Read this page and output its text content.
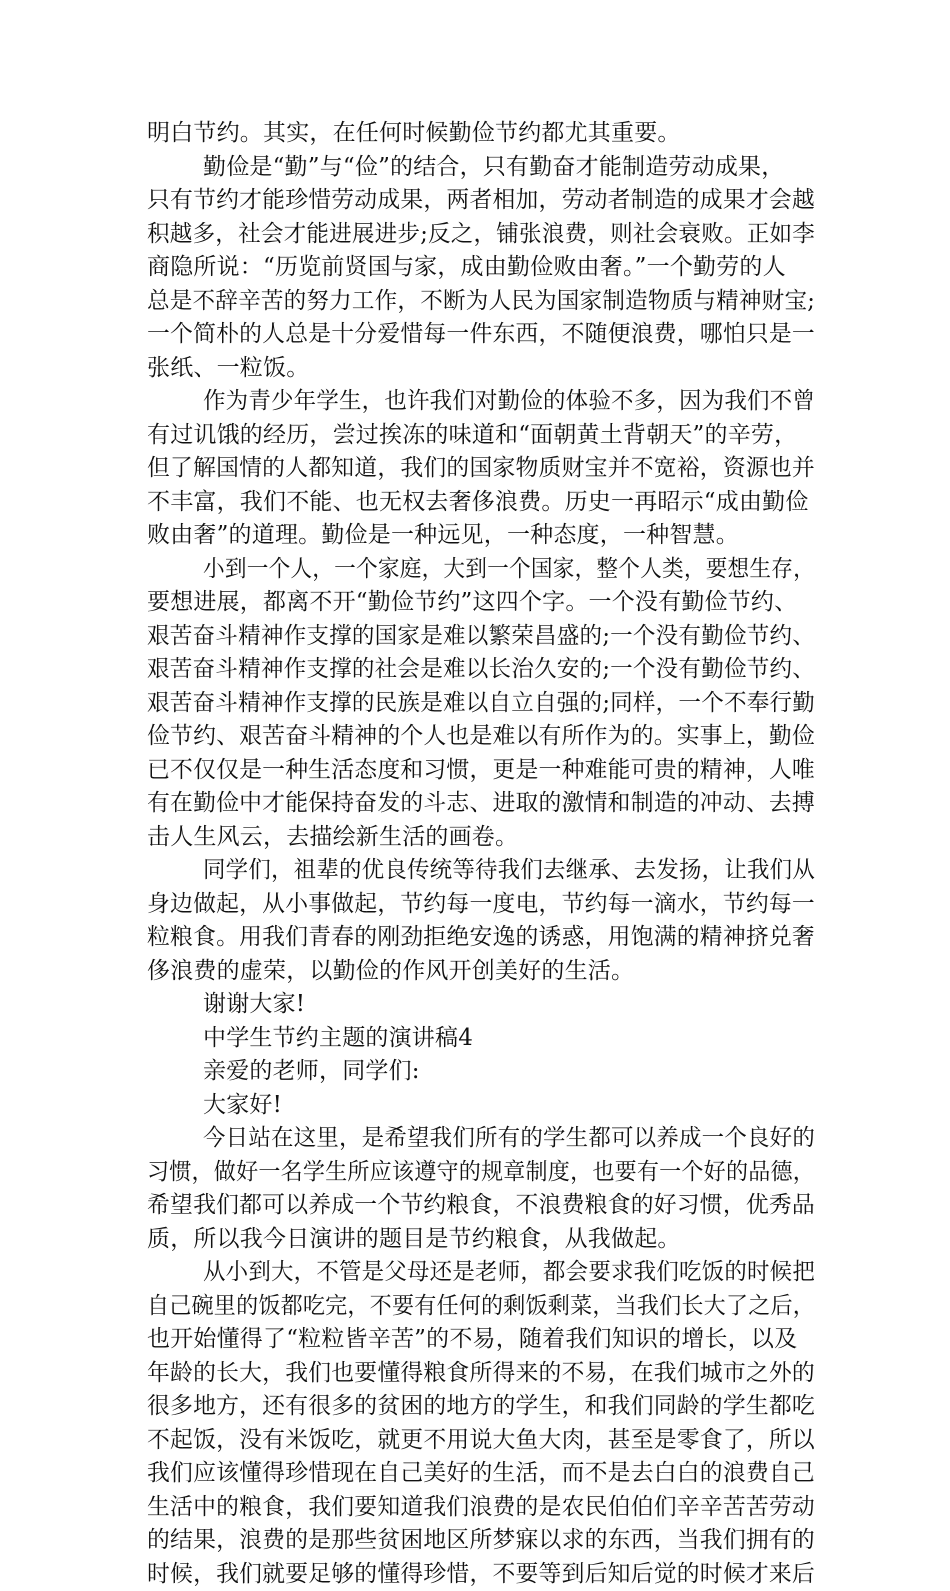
明白节约。其实，在任何时候勤俭节约都尤其重要。
勤俭是“勤”与“俭”的结合，只有勤奋才能制造劳动成果，
只有节约才能珍惜劳动成果，两者相加，劳动者制造的成果才会越
积越多，社会才能进展进步;反之，铺张浪费，则社会衰败。正如李
商隐所说：“历览前贤国与家，成由勤俭败由奢。”一个勤劳的人
总是不辞辛苦的努力工作，不断为人民为国家制造物质与精神财宝;
一个简朴的人总是十分爱惜每一件东西，不随便浪费，哪怕只是一
张纸、一粒饭。
作为青少年学生，也许我们对勤俭的体验不多，因为我们不曾
有过讥饿的经历，尝过挨冻的味道和“面朝黄土背朝天”的辛劳，
但了解国情的人都知道，我们的国家物质财宝并不宽裕，资源也并
不丰富，我们不能、也无权去奢侈浪费。历史一再昭示“成由勤俭
败由奢”的道理。勤俭是一种远见，一种态度，一种智慧。
小到一个人，一个家庭，大到一个国家，整个人类，要想生存，
要想进展，都离不开“勤俭节约”这四个字。一个没有勤俭节约、
艰苦奋斗精神作支撑的国家是难以繁荣昌盛的;一个没有勤俭节约、
艰苦奋斗精神作支撑的社会是难以长治久安的;一个没有勤俭节约、
艰苦奋斗精神作支撑的民族是难以自立自强的;同样，一个不奉行勤
俭节约、艰苦奋斗精神的个人也是难以有所作为的。实事上，勤俭
已不仅仅是一种生活态度和习惯，更是一种难能可贵的精神，人唯
有在勤俭中才能保持奋发的斗志、进取的激情和制造的冲动、去搏
击人生风云，去描绘新生活的画卷。
同学们，祖辈的优良传统等待我们去继承、去发扬，让我们从
身边做起，从小事做起，节约每一度电，节约每一滴水，节约每一
粒粮食。用我们青春的刚劲拒绝安逸的诱惑，用饱满的精神挤兑奢
侈浪费的虚荣，以勤俭的作风开创美好的生活。
谢谢大家!
中学生节约主题的演讲稿4
亲爱的老师，同学们:
大家好!
今日站在这里，是希望我们所有的学生都可以养成一个良好的
习惯，做好一名学生所应该遵守的规章制度，也要有一个好的品德，
希望我们都可以养成一个节约粮食，不浪费粮食的好习惯，优秀品
质，所以我今日演讲的题目是节约粮食，从我做起。
从小到大，不管是父母还是老师，都会要求我们吃饭的时候把
自己碗里的饭都吃完，不要有任何的剩饭剩菜，当我们长大了之后，
也开始懂得了“粒粒皆辛苦”的不易，随着我们知识的增长，以及
年龄的长大，我们也要懂得粮食所得来的不易，在我们城市之外的
很多地方，还有很多的贫困的地方的学生，和我们同龄的学生都吃
不起饭，没有米饭吃，就更不用说大鱼大肉，甚至是零食了，所以
我们应该懂得珍惜现在自己美好的生活，而不是去白白的浪费自己
生活中的粮食，我们要知道我们浪费的是农民伯伯们辛辛苦苦劳动
的结果，浪费的是那些贫困地区所梦寐以求的东西，当我们拥有的
时候，我们就要足够的懂得珍惜，不要等到后知后觉的时候才来后
